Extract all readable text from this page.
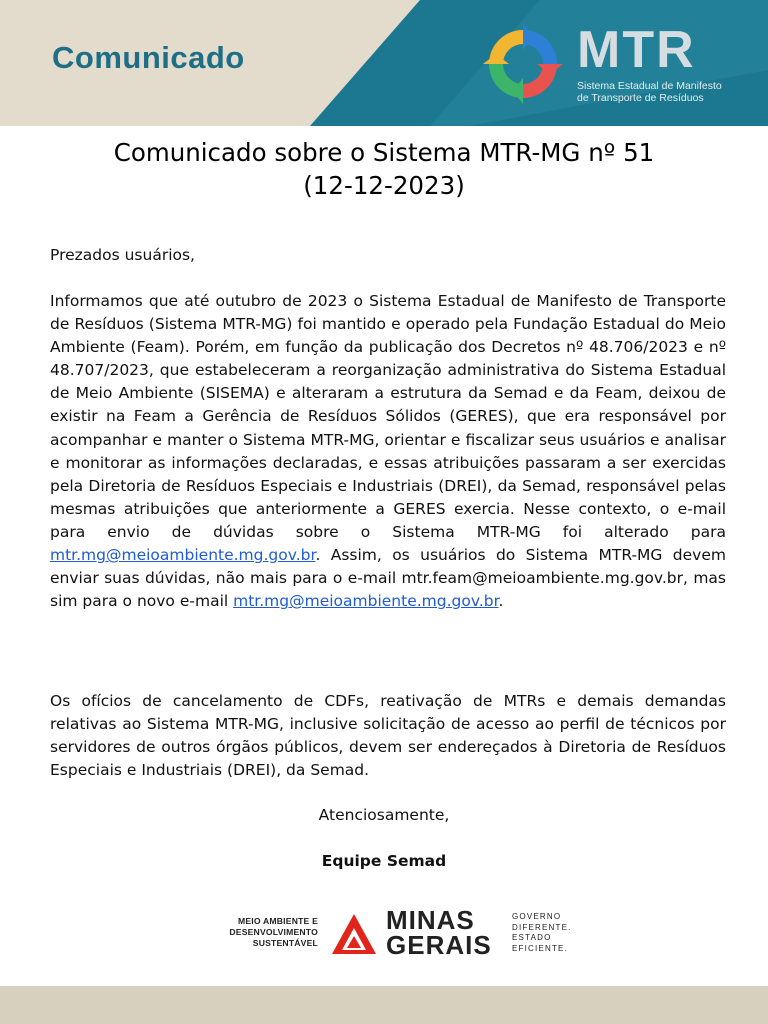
Comunicado	MTR
Sistema Estadual de Manifesto
de Transporte de Resíduos
Comunicado sobre o Sistema MTR-MG nº 51
(12-12-2023)
Prezados usuários,
Informamos que até outubro de 2023 o Sistema Estadual de Manifesto de Transporte de Resíduos (Sistema MTR-MG) foi mantido e operado pela Fundação Estadual do Meio Ambiente (Feam). Porém, em função da publicação dos Decretos nº 48.706/2023 e nº 48.707/2023, que estabeleceram a reorganização administrativa do Sistema Estadual de Meio Ambiente (SISEMA) e alteraram a estrutura da Semad e da Feam, deixou de existir na Feam a Gerência de Resíduos Sólidos (GERES), que era responsável por acompanhar e manter o Sistema MTR-MG, orientar e fiscalizar seus usuários e analisar e monitorar as informações declaradas, e essas atribuições passaram a ser exercidas pela Diretoria de Resíduos Especiais e Industriais (DREI), da Semad, responsável pelas mesmas atribuições que anteriormente a GERES exercia. Nesse contexto, o e-mail para envio de dúvidas sobre o Sistema MTR-MG foi alterado para mtr.mg@meioambiente.mg.gov.br. Assim, os usuários do Sistema MTR-MG devem enviar suas dúvidas, não mais para o e-mail mtr.feam@meioambiente.mg.gov.br, mas sim para o novo e-mail mtr.mg@meioambiente.mg.gov.br.
Os ofícios de cancelamento de CDFs, reativação de MTRs e demais demandas relativas ao Sistema MTR-MG, inclusive solicitação de acesso ao perfil de técnicos por servidores de outros órgãos públicos, devem ser endereçados à Diretoria de Resíduos Especiais e Industriais (DREI), da Semad.
Atenciosamente,
Equipe Semad
MEIO AMBIENTE E
DESENVOLVIMENTO
SUSTENTÁVEL
MINAS
GERAIS
GOVERNO
DIFERENTE.
ESTADO
EFICIENTE.
